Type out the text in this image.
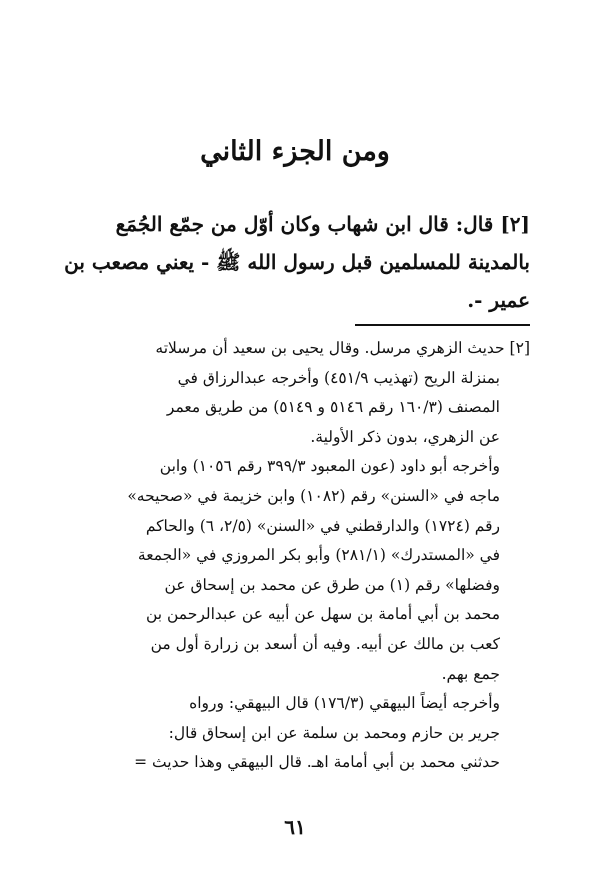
ومن الجزء الثاني
[٢] قال: قال ابن شهاب وكان أوّل من جمّع الجُمَع
بالمدينة للمسلمين قبل رسول الله ﷺ - يعني مصعب بن
عمير -.
[٢] حديث الزهري مرسل. وقال يحيى بن سعيد أن مرسلاته
بمنزلة الريح (تهذيب ٤٥١/٩) وأخرجه عبدالرزاق في
المصنف (١٦٠/٣ رقم ٥١٤٦ و ٥١٤٩) من طريق معمر
عن الزهري، بدون ذكر الأولية.
وأخرجه أبو داود (عون المعبود ٣٩٩/٣ رقم ١٠٥٦) وابن
ماجه في «السنن» رقم (١٠٨٢) وابن خزيمة في «صحيحه»
رقم (١٧٢٤) والدارقطني في «السنن» (٢/٥، ٦) والحاكم
في «المستدرك» (٢٨١/١) وأبو بكر المروزي في «الجمعة
وفضلها» رقم (١) من طرق عن محمد بن إسحاق عن
محمد بن أبي أمامة بن سهل عن أبيه عن عبدالرحمن بن
كعب بن مالك عن أبيه. وفيه أن أسعد بن زرارة أول من
جمع بهم.
وأخرجه أيضاً البيهقي (١٧٦/٣) قال البيهقي: ورواه
جرير بن حازم ومحمد بن سلمة عن ابن إسحاق قال:
حدثني محمد بن أبي أمامة اهـ. قال البيهقي وهذا حديث =
٦١
